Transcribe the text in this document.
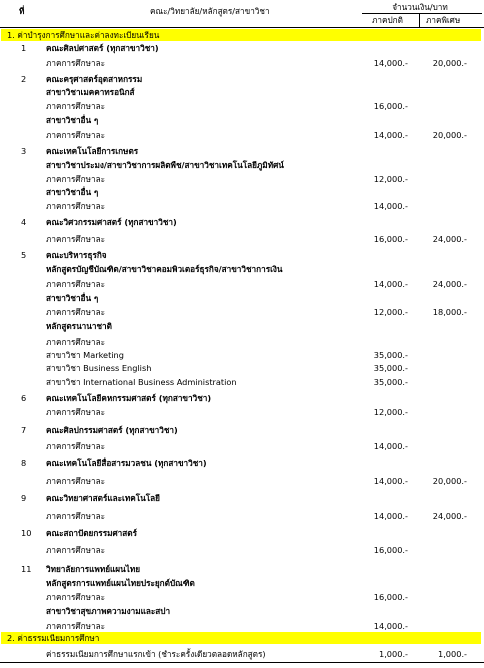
ที่	คณะ/วิทยาลัย/หลักสูตร/สาขาวิชา	จำนวนเงิน/บาท
ภาคปกติ	ภาคพิเศษ
1. ค่าบำรุงการศึกษาและค่าลงทะเบียนเรียน
2. ค่าธรรมเนียมการศึกษา
1 คณะศิลปศาสตร์ (ทุกสาขาวิชา)
ภาคการศึกษาละ	14,000.-	20,000.-
2 คณะครุศาสตร์อุตสาหกรรม
สาขาวิชาเมคคาทรอนิกส์
ภาคการศึกษาละ	16,000.-
สาขาวิชาอื่น ๆ
ภาคการศึกษาละ	14,000.-	20,000.-
3 คณะเทคโนโลยีการเกษตร
สาขาวิชาประมง/สาขาวิชาการผลิตพืช/สาขาวิชาเทคโนโลยีภูมิทัศน์
ภาคการศึกษาละ	12,000.-
สาขาวิชาอื่น ๆ
ภาคการศึกษาละ	14,000.-
4 คณะวิศวกรรมศาสตร์ (ทุกสาขาวิชา)
ภาคการศึกษาละ	16,000.-	24,000.-
5 คณะบริหารธุรกิจ
หลักสูตรบัญชีบัณฑิต/สาขาวิชาคอมพิวเตอร์ธุรกิจ/สาขาวิชาการเงิน
ภาคการศึกษาละ	14,000.-	24,000.-
สาขาวิชาอื่น ๆ
ภาคการศึกษาละ	12,000.-	18,000.-
หลักสูตรนานาชาติ
ภาคการศึกษาละ
สาขาวิชา Marketing	35,000.-
สาขาวิชา Business English	35,000.-
สาขาวิชา International Business Administration	35,000.-
6 คณะเทคโนโลยีคหกรรมศาสตร์ (ทุกสาขาวิชา)
ภาคการศึกษาละ	12,000.-
7 คณะศิลปกรรมศาสตร์ (ทุกสาขาวิชา)
ภาคการศึกษาละ	14,000.-
8 คณะเทคโนโลยีสื่อสารมวลชน (ทุกสาขาวิชา)
ภาคการศึกษาละ	14,000.-	20,000.-
9 คณะวิทยาศาสตร์และเทคโนโลยี
ภาคการศึกษาละ	14,000.-	24,000.-
10 คณะสถาปัตยกรรมศาสตร์
ภาคการศึกษาละ	16,000.-
11 วิทยาลัยการแพทย์แผนไทย
หลักสูตรการแพทย์แผนไทยประยุกต์บัณฑิต
ภาคการศึกษาละ	16,000.-
สาขาวิชาสุขภาพความงามและสปา
ภาคการศึกษาละ	14,000.-
ค่าธรรมเนียมการศึกษาแรกเข้า (ชำระครั้งเดียวตลอดหลักสูตร)	1,000.-	1,000.-
